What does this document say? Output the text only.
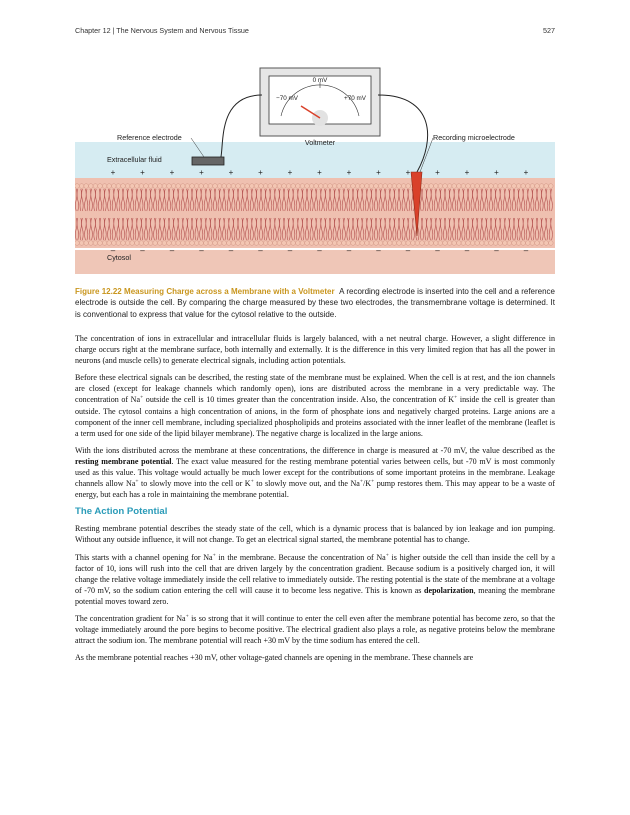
Chapter 12 | The Nervous System and Nervous Tissue	527
+	+	+	+	+	+	+	+	+	+	+	+	+	+	+
–	–	–	–	–	–	–	–	–	–	–	–	–	–	–
0 mV
−70 mV	+70 mV
Voltmeter
Reference electrode	Recording microelectrode
Extracellular fluid
Cytosol
Figure 12.22 Measuring Charge across a Membrane with a Voltmeter A recording electrode is inserted into the cell and a reference electrode is outside the cell. By comparing the charge measured by these two electrodes, the transmembrane voltage is determined. It is conventional to express that value for the cytosol relative to the outside.

The concentration of ions in extracellular and intracellular fluids is largely balanced, with a net neutral charge. However, a slight difference in charge occurs right at the membrane surface, both internally and externally. It is the difference in this very limited region that has all the power in neurons (and muscle cells) to generate electrical signals, including action potentials.

Before these electrical signals can be described, the resting state of the membrane must be explained. When the cell is at rest, and the ion channels are closed (except for leakage channels which randomly open), ions are distributed across the membrane in a very predictable way. The concentration of Na+ outside the cell is 10 times greater than the concentration inside. Also, the concentration of K+ inside the cell is greater than outside. The cytosol contains a high concentration of anions, in the form of phosphate ions and negatively charged proteins. Large anions are a component of the inner cell membrane, including specialized phospholipids and proteins associated with the inner leaflet of the membrane (leaflet is a term used for one side of the lipid bilayer membrane). The negative charge is localized in the large anions.

With the ions distributed across the membrane at these concentrations, the difference in charge is measured at -70 mV, the value described as the resting membrane potential. The exact value measured for the resting membrane potential varies between cells, but -70 mV is most commonly used as this value. This voltage would actually be much lower except for the contributions of some important proteins in the membrane. Leakage channels allow Na+ to slowly move into the cell or K+ to slowly move out, and the Na+/K+ pump restores them. This may appear to be a waste of energy, but each has a role in maintaining the membrane potential.

The Action Potential

Resting membrane potential describes the steady state of the cell, which is a dynamic process that is balanced by ion leakage and ion pumping. Without any outside influence, it will not change. To get an electrical signal started, the membrane potential has to change.

This starts with a channel opening for Na+ in the membrane. Because the concentration of Na+ is higher outside the cell than inside the cell by a factor of 10, ions will rush into the cell that are driven largely by the concentration gradient. Because sodium is a positively charged ion, it will change the relative voltage immediately inside the cell relative to immediately outside. The resting potential is the state of the membrane at a voltage of -70 mV, so the sodium cation entering the cell will cause it to become less negative. This is known as depolarization, meaning the membrane potential moves toward zero.

The concentration gradient for Na+ is so strong that it will continue to enter the cell even after the membrane potential has become zero, so that the voltage immediately around the pore begins to become positive. The electrical gradient also plays a role, as negative proteins below the membrane attract the sodium ion. The membrane potential will reach +30 mV by the time sodium has entered the cell.

As the membrane potential reaches +30 mV, other voltage-gated channels are opening in the membrane. These channels are
